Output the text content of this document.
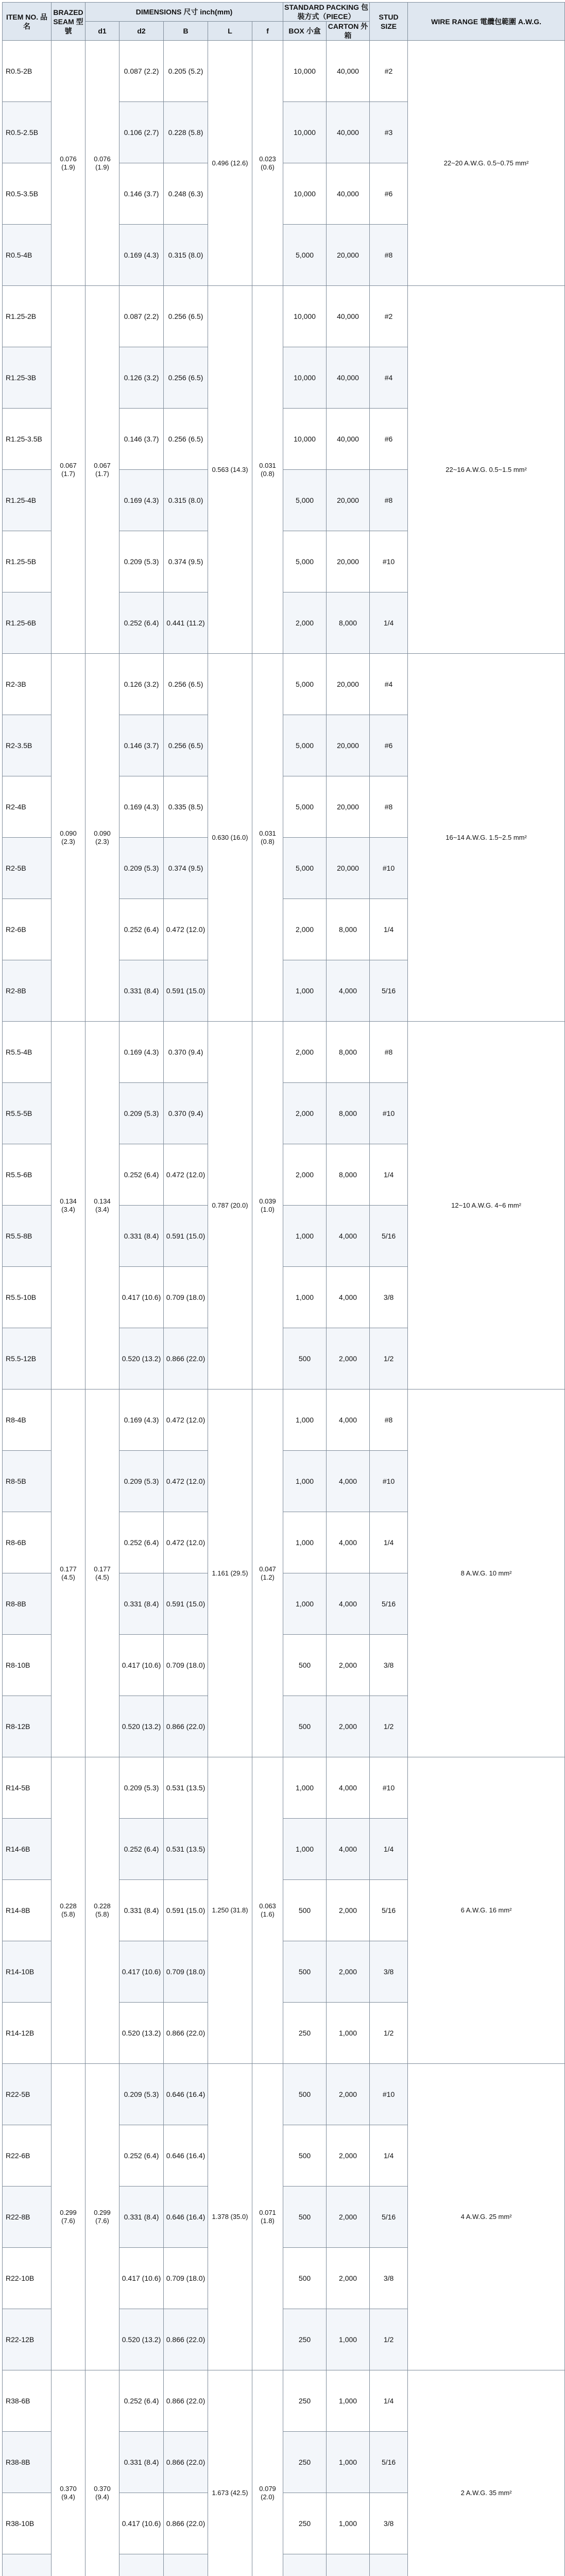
ITEM NO. 品名	BRAZED SEAM 型號	DIMENSIONS 尺寸 inch(mm)					STANDARD PACKING 包裝方式（PIECE）		STUD SIZE	WIRE RANGE 電纜包範圍 A.W.G.
		d1	d2	B	L	f	BOX 小盒	CARTON 外箱		
R0.5-2B	0.076 (1.9)	0.076 (1.9)	0.087 (2.2)	0.205 (5.2)	0.496 (12.6)	0.023 (0.6)	10,000	40,000	#2	22~20 A.W.G. 0.5~0.75 mm²
R0.5-2.5B			0.106 (2.7)	0.228 (5.8)			10,000	40,000	#3	
R0.5-3.5B			0.146 (3.7)	0.248 (6.3)			10,000	40,000	#6	
R0.5-4B			0.169 (4.3)	0.315 (8.0)			5,000	20,000	#8	
R1.25-2B	0.067 (1.7)	0.067 (1.7)	0.087 (2.2)	0.256 (6.5)	0.563 (14.3)	0.031 (0.8)	10,000	40,000	#2	22~16 A.W.G. 0.5~1.5 mm²
R1.25-3B			0.126 (3.2)	0.256 (6.5)			10,000	40,000	#4	
R1.25-3.5B			0.146 (3.7)	0.256 (6.5)			10,000	40,000	#6	
R1.25-4B			0.169 (4.3)	0.315 (8.0)			5,000	20,000	#8	
R1.25-5B			0.209 (5.3)	0.374 (9.5)			5,000	20,000	#10	
R1.25-6B			0.252 (6.4)	0.441 (11.2)			2,000	8,000	1/4	
R2-3B	0.090 (2.3)	0.090 (2.3)	0.126 (3.2)	0.256 (6.5)	0.630 (16.0)	0.031 (0.8)	5,000	20,000	#4	16~14 A.W.G. 1.5~2.5 mm²
R2-3.5B			0.146 (3.7)	0.256 (6.5)			5,000	20,000	#6	
R2-4B			0.169 (4.3)	0.335 (8.5)			5,000	20,000	#8	
R2-5B			0.209 (5.3)	0.374 (9.5)			5,000	20,000	#10	
R2-6B			0.252 (6.4)	0.472 (12.0)			2,000	8,000	1/4	
R2-8B			0.331 (8.4)	0.591 (15.0)			1,000	4,000	5/16	
R5.5-4B	0.134 (3.4)	0.134 (3.4)	0.169 (4.3)	0.370 (9.4)	0.787 (20.0)	0.039 (1.0)	2,000	8,000	#8	12~10 A.W.G. 4~6 mm²
R5.5-5B			0.209 (5.3)	0.370 (9.4)			2,000	8,000	#10	
R5.5-6B			0.252 (6.4)	0.472 (12.0)			2,000	8,000	1/4	
R5.5-8B			0.331 (8.4)	0.591 (15.0)			1,000	4,000	5/16	
R5.5-10B			0.417 (10.6)	0.709 (18.0)			1,000	4,000	3/8	
R5.5-12B			0.520 (13.2)	0.866 (22.0)			500	2,000	1/2	
R8-4B	0.177 (4.5)	0.177 (4.5)	0.169 (4.3)	0.472 (12.0)	1.161 (29.5)	0.047 (1.2)	1,000	4,000	#8	8 A.W.G. 10 mm²
R8-5B			0.209 (5.3)	0.472 (12.0)			1,000	4,000	#10	
R8-6B			0.252 (6.4)	0.472 (12.0)			1,000	4,000	1/4	
R8-8B			0.331 (8.4)	0.591 (15.0)			1,000	4,000	5/16	
R8-10B			0.417 (10.6)	0.709 (18.0)			500	2,000	3/8	
R8-12B			0.520 (13.2)	0.866 (22.0)			500	2,000	1/2	
R14-5B	0.228 (5.8)	0.228 (5.8)	0.209 (5.3)	0.531 (13.5)	1.250 (31.8)	0.063 (1.6)	1,000	4,000	#10	6 A.W.G. 16 mm²
R14-6B			0.252 (6.4)	0.531 (13.5)			1,000	4,000	1/4	
R14-8B			0.331 (8.4)	0.591 (15.0)			500	2,000	5/16	
R14-10B			0.417 (10.6)	0.709 (18.0)			500	2,000	3/8	
R14-12B			0.520 (13.2)	0.866 (22.0)			250	1,000	1/2	
R22-5B	0.299 (7.6)	0.299 (7.6)	0.209 (5.3)	0.646 (16.4)	1.378 (35.0)	0.071 (1.8)	500	2,000	#10	4 A.W.G. 25 mm²
R22-6B			0.252 (6.4)	0.646 (16.4)			500	2,000	1/4	
R22-8B			0.331 (8.4)	0.646 (16.4)			500	2,000	5/16	
R22-10B			0.417 (10.6)	0.709 (18.0)			500	2,000	3/8	
R22-12B			0.520 (13.2)	0.866 (22.0)			250	1,000	1/2	
R38-6B	0.370 (9.4)	0.370 (9.4)	0.252 (6.4)	0.866 (22.0)	1.673 (42.5)	0.079 (2.0)	250	1,000	1/4	2 A.W.G. 35 mm²
R38-8B			0.331 (8.4)	0.866 (22.0)			250	1,000	5/16	
R38-10B			0.417 (10.6)	0.866 (22.0)			250	1,000	3/8	
